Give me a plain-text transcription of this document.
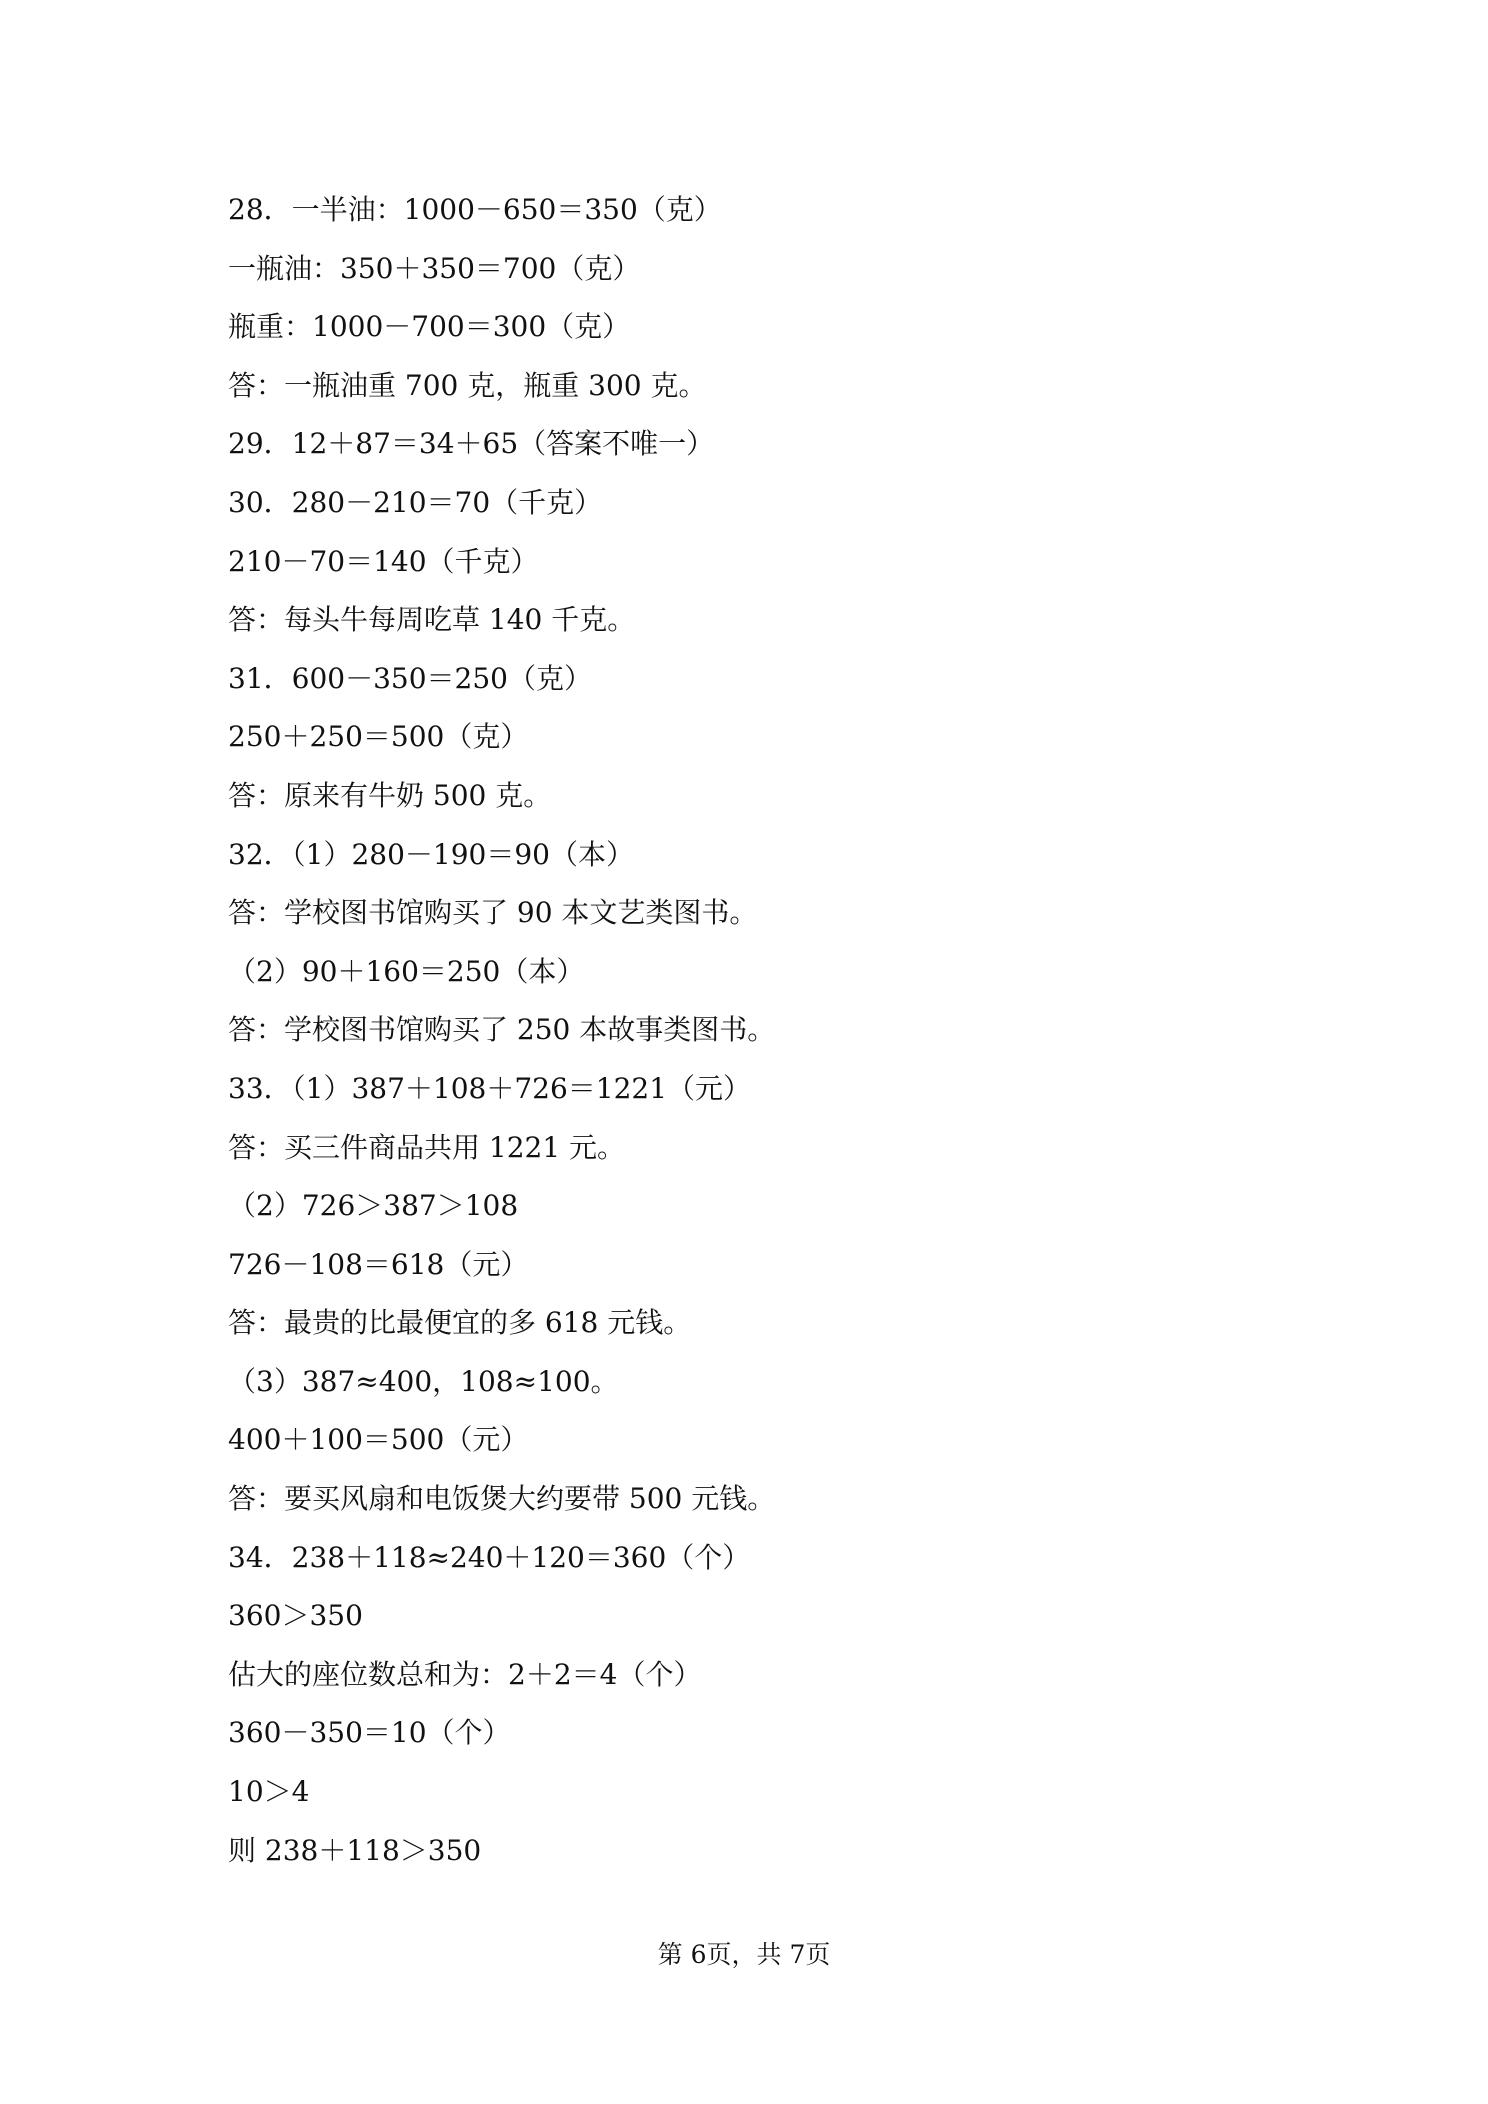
28．一半油：1000－650＝350（克）
一瓶油：350＋350＝700（克）
瓶重：1000－700＝300（克）
答：一瓶油重 700 克，瓶重 300 克。
29．12＋87＝34＋65（答案不唯一）
30．280－210＝70（千克）
210－70＝140（千克）
答：每头牛每周吃草 140 千克。
31．600－350＝250（克）
250＋250＝500（克）
答：原来有牛奶 500 克。
32．（1）280－190＝90（本）
答：学校图书馆购买了 90 本文艺类图书。
（2）90＋160＝250（本）
答：学校图书馆购买了 250 本故事类图书。
33．（1）387＋108＋726＝1221（元）
答：买三件商品共用 1221 元。
（2）726＞387＞108
726－108＝618（元）
答：最贵的比最便宜的多 618 元钱。
（3）387≈400，108≈100。
400＋100＝500（元）
答：要买风扇和电饭煲大约要带 500 元钱。
34．238＋118≈240＋120＝360（个）
360＞350
估大的座位数总和为：2＋2＝4（个）
360－350＝10（个）
10＞4
则 238＋118＞350
第 6页，共 7页
